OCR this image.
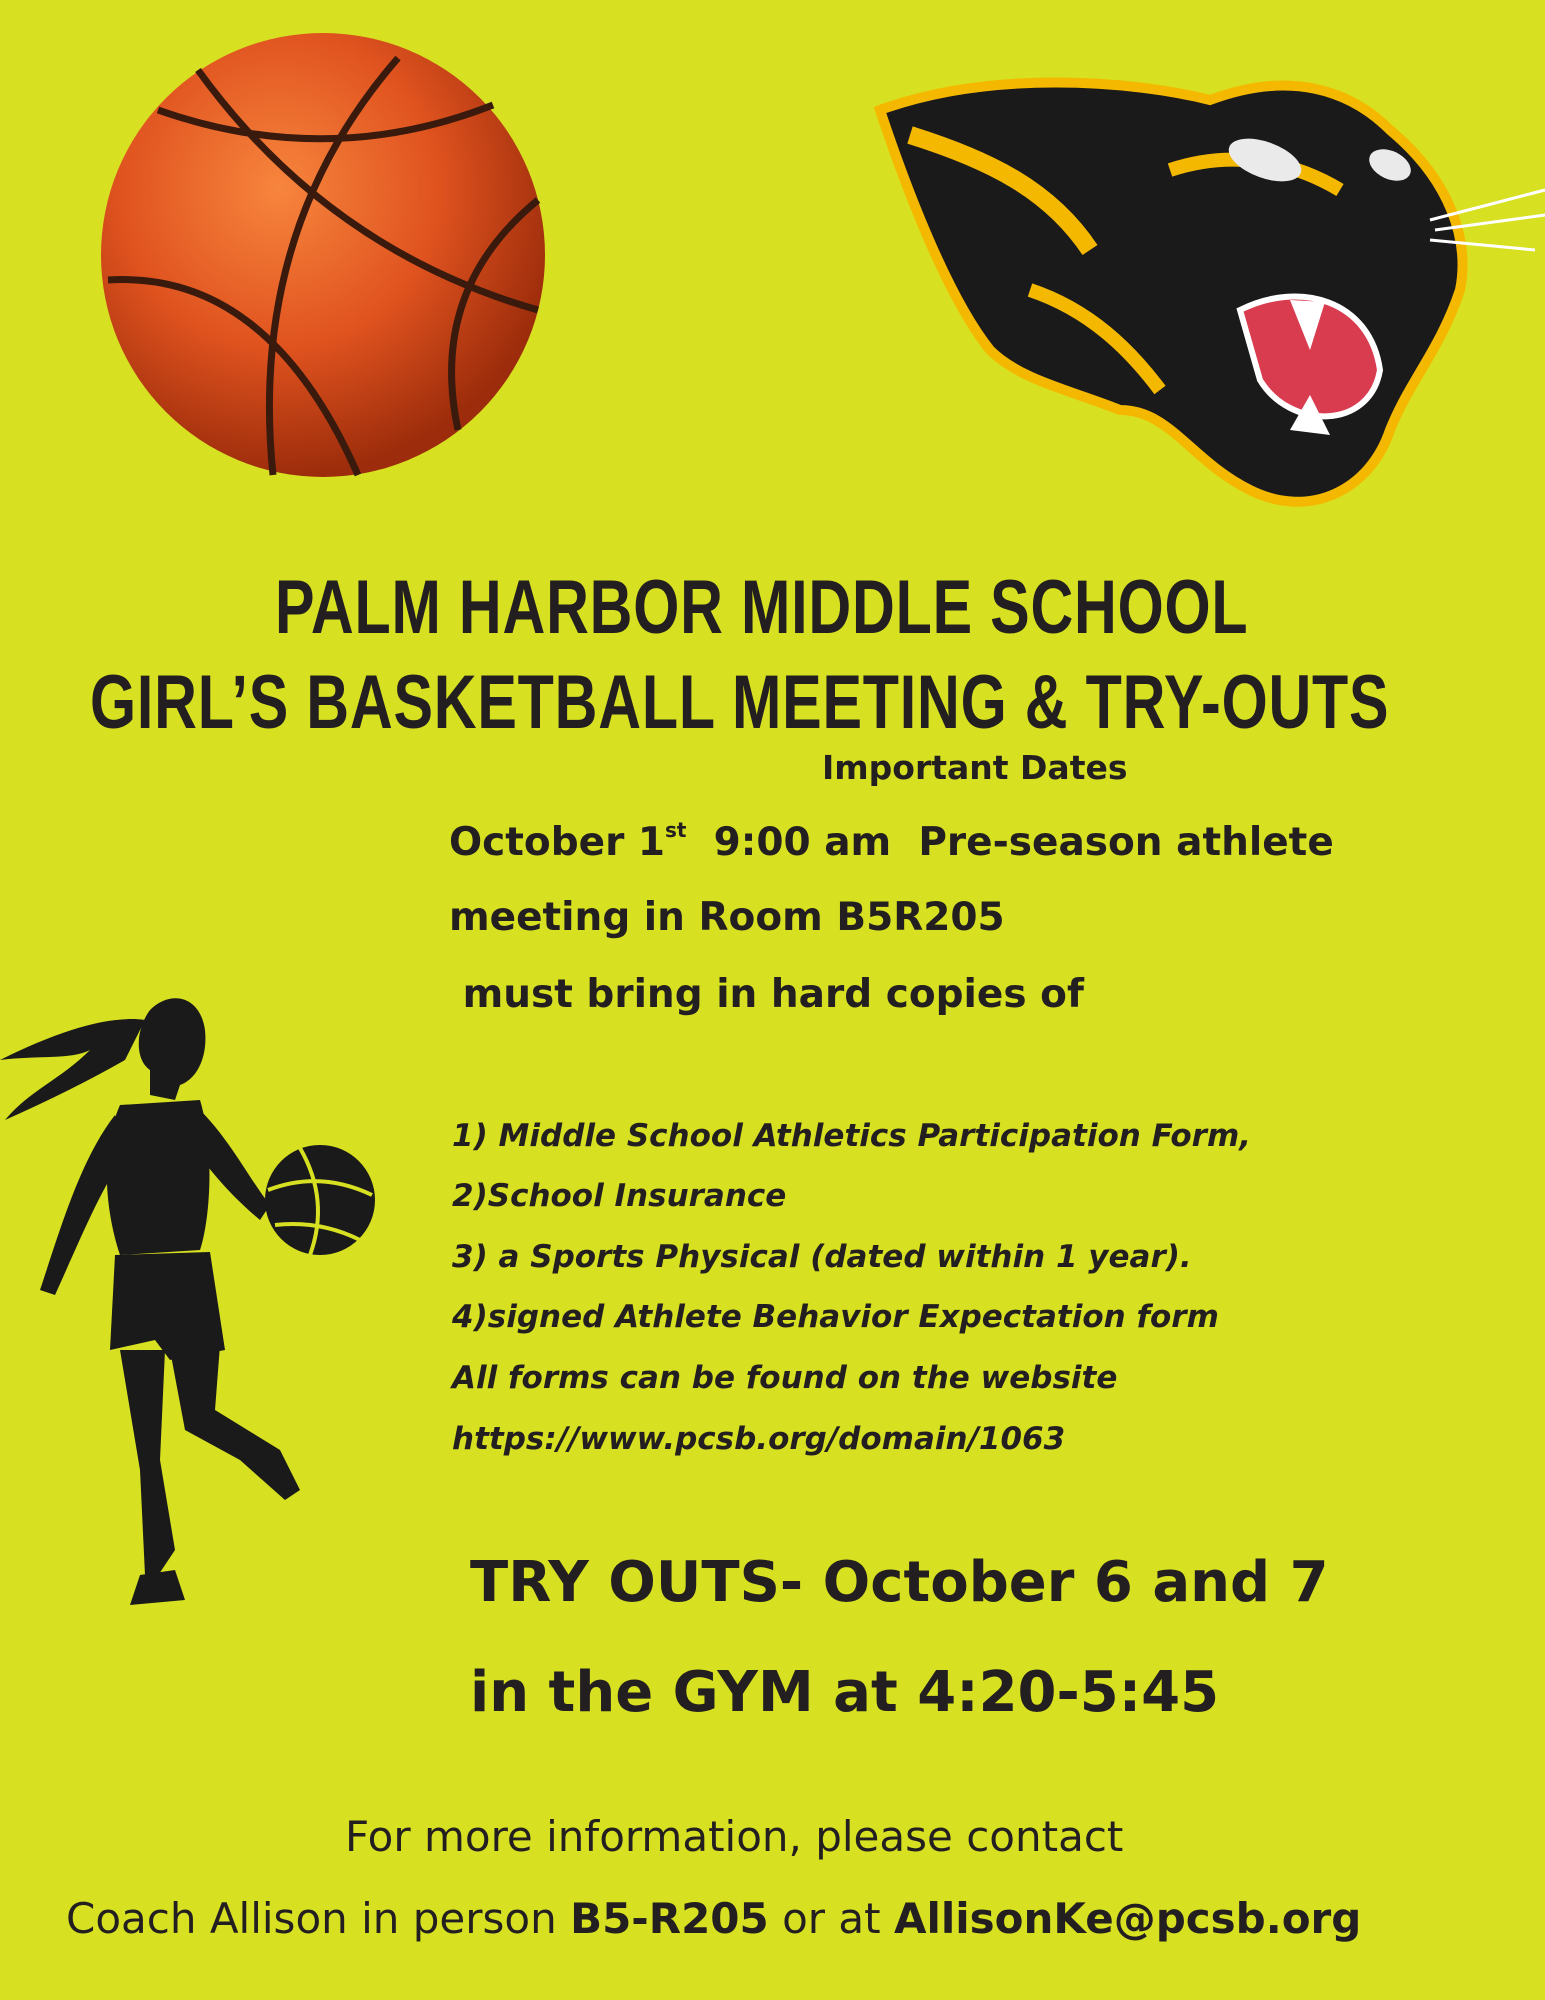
PALM HARBOR MIDDLE SCHOOL
GIRL’S BASKETBALL MEETING & TRY-OUTS
Important Dates
October 1st  9:00 am  Pre-season athlete
meeting in Room B5R205
must bring in hard copies of
1) Middle School Athletics Participation Form,
2)School Insurance
3) a Sports Physical (dated within 1 year).
4)signed Athlete Behavior Expectation form
All forms can be found on the website
https://www.pcsb.org/domain/1063
TRY OUTS- October 6 and 7
in the GYM at 4:20-5:45
For more information, please contact
Coach Allison in person B5-R205 or at AllisonKe@pcsb.org
